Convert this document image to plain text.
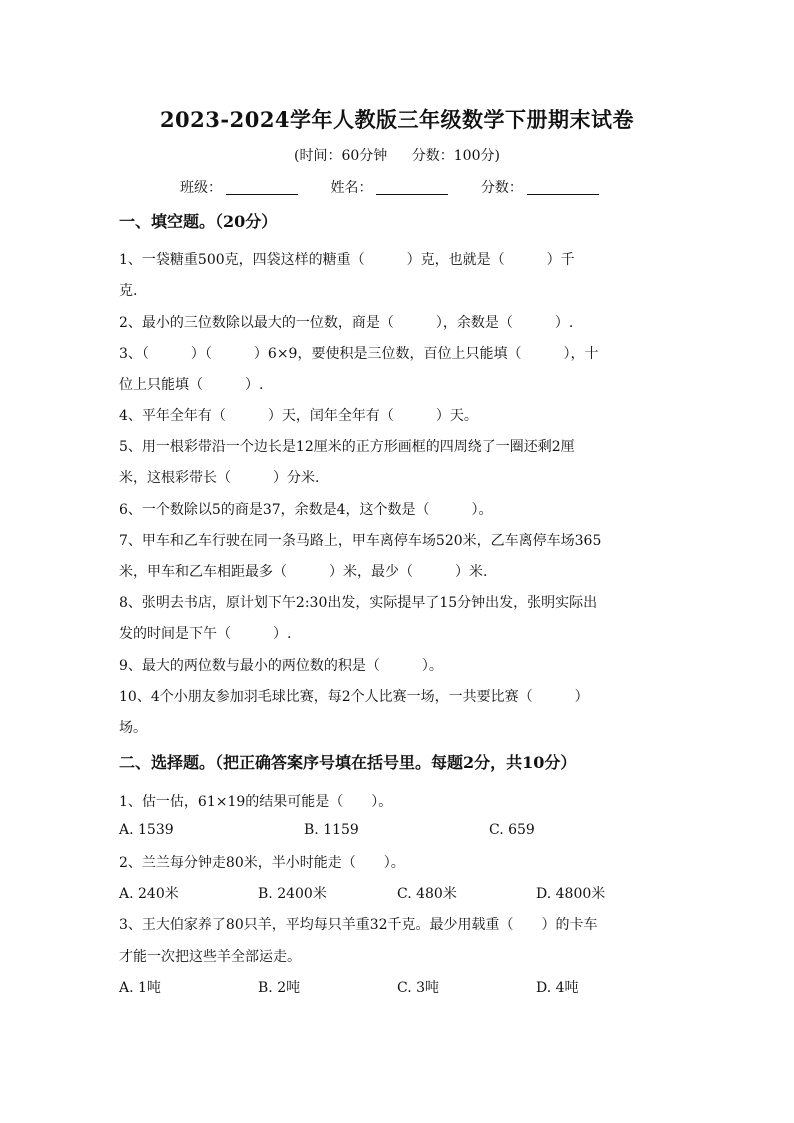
2023-2024学年人教版三年级数学下册期末试卷
(时间：60分钟 分数：100分)
班级：	姓名：	分数：
一、填空题。（20分）
1、一袋糖重500克，四袋这样的糖重（　　　）克，也就是（　　　）千
克.
2、最小的三位数除以最大的一位数，商是（　　　），余数是（　　　）.
3、（　　　）（　　　）6×9，要使积是三位数，百位上只能填（　　　），十
位上只能填（　　　）.
4、平年全年有（　　　）天，闰年全年有（　　　）天。
5、用一根彩带沿一个边长是12厘米的正方形画框的四周绕了一圈还剩2厘
米，这根彩带长（　　　）分米.
6、一个数除以5的商是37，余数是4，这个数是（　　　）。
7、甲车和乙车行驶在同一条马路上，甲车离停车场520米，乙车离停车场365
米，甲车和乙车相距最多（　　　）米，最少（　　　）米.
8、张明去书店，原计划下午2:30出发，实际提早了15分钟出发，张明实际出
发的时间是下午（　　　）.
9、最大的两位数与最小的两位数的积是（　　　）。
10、4个小朋友参加羽毛球比赛，每2个人比赛一场，一共要比赛（　　　）
场。
二、选择题。（把正确答案序号填在括号里。每题2分，共10分）
1、估一估，61×19的结果可能是（　　）。
A. 1539	B. 1159	C. 659
2、兰兰每分钟走80米，半小时能走（　　）。
A. 240米	B. 2400米	C. 480米	D. 4800米
3、王大伯家养了80只羊，平均每只羊重32千克。最少用载重（　　）的卡车
才能一次把这些羊全部运走。
A. 1吨	B. 2吨	C. 3吨	D. 4吨
